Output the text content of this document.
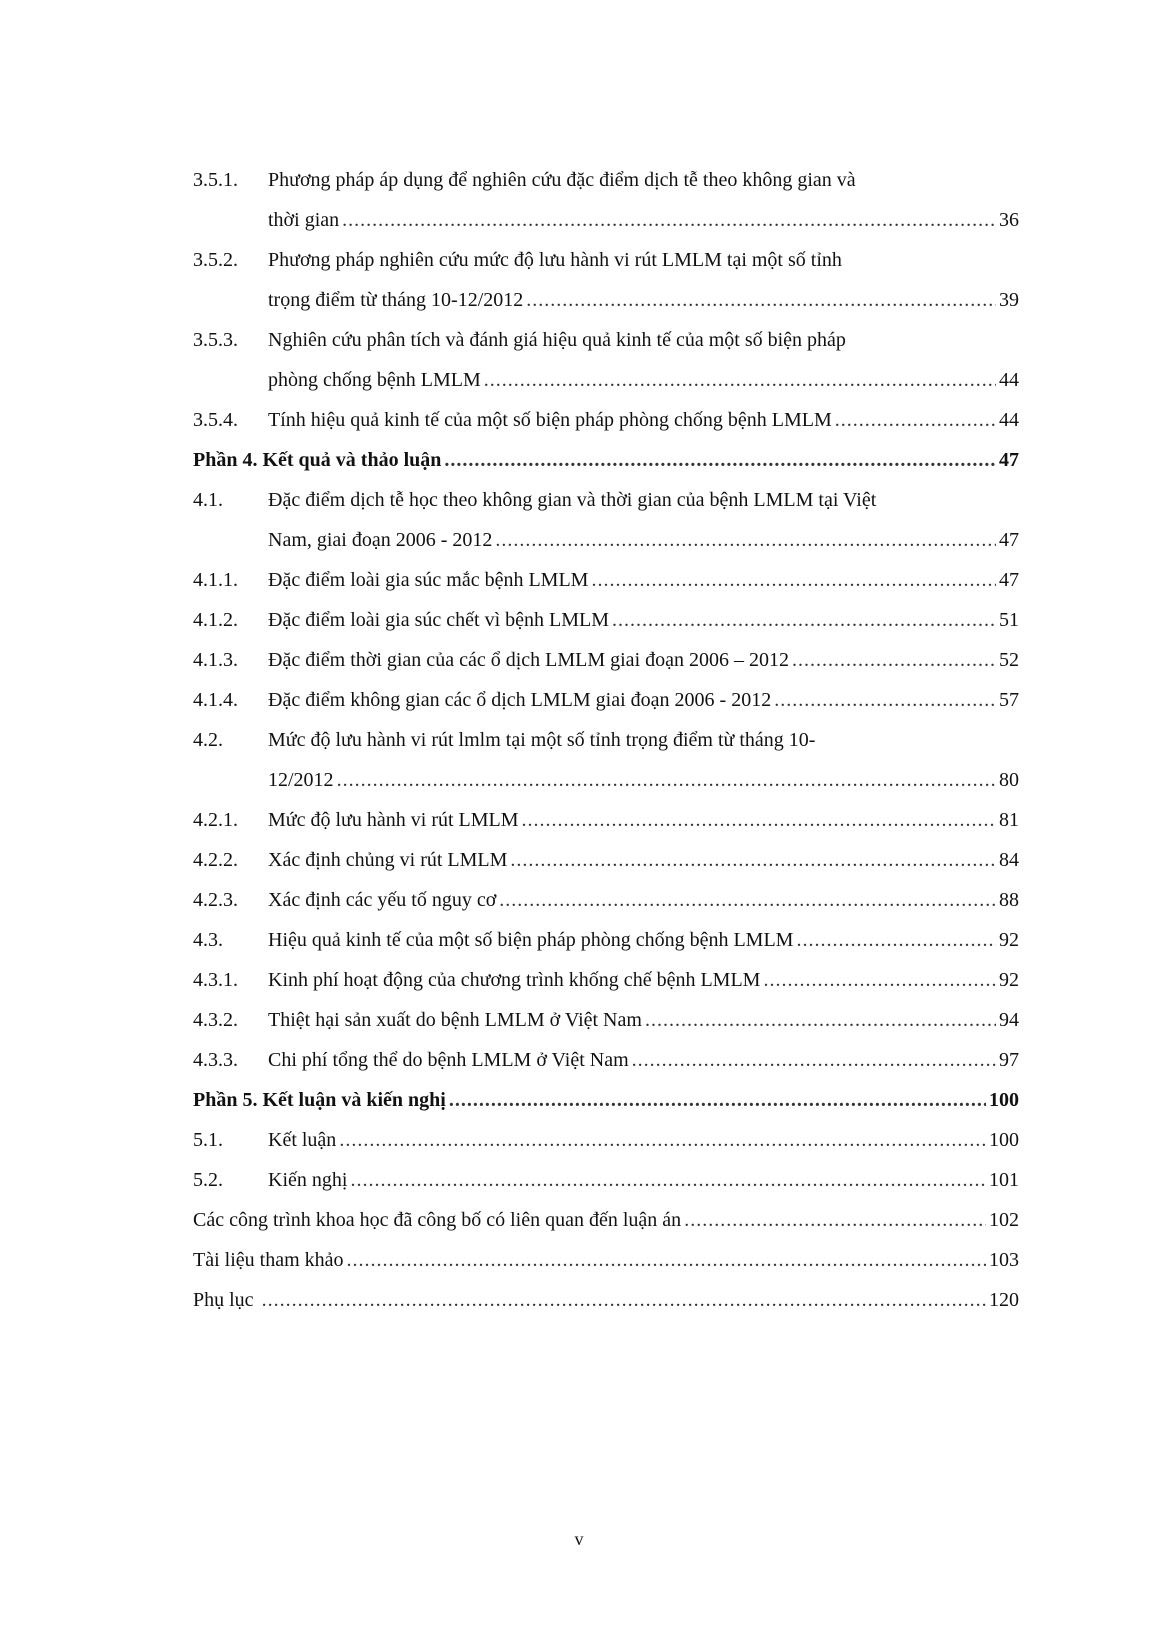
3.5.1.	Phương pháp áp dụng để nghiên cứu đặc điểm dịch tễ theo không gian và
thời gian .....	36
3.5.2.	Phương pháp nghiên cứu mức độ lưu hành vi rút LMLM tại một số tỉnh
trọng điểm từ tháng 10-12/2012 .....	39
3.5.3.	Nghiên cứu phân tích và đánh giá hiệu quả kinh tế của một số biện pháp
phòng chống bệnh LMLM .....	44
3.5.4.	Tính hiệu quả kinh tế của một số biện pháp phòng chống bệnh LMLM .....	44
Phần 4. Kết quả và thảo luận .....	47
4.1.	Đặc điểm dịch tễ học theo không gian và thời gian của bệnh LMLM tại Việt
Nam, giai đoạn 2006 - 2012 .....	47
4.1.1.	Đặc điểm loài gia súc mắc bệnh LMLM .....	47
4.1.2.	Đặc điểm loài gia súc chết vì bệnh LMLM .....	51
4.1.3.	Đặc điểm thời gian của các ổ dịch LMLM giai đoạn 2006 – 2012 .....	52
4.1.4.	Đặc điểm không gian các ổ dịch LMLM giai đoạn 2006 - 2012 .....	57
4.2.	Mức độ lưu hành vi rút lmlm tại một số tỉnh trọng điểm từ tháng 10-
12/2012 .....	80
4.2.1.	Mức độ lưu hành vi rút LMLM .....	81
4.2.2.	Xác định chủng vi rút LMLM .....	84
4.2.3.	Xác định các yếu tố nguy cơ .....	88
4.3.	Hiệu quả kinh tế của một số biện pháp phòng chống bệnh LMLM .....	92
4.3.1.	Kinh phí hoạt động của chương trình khống chế bệnh LMLM .....	92
4.3.2.	Thiệt hại sản xuất do bệnh LMLM ở Việt Nam .....	94
4.3.3.	Chi phí tổng thể do bệnh LMLM ở Việt Nam .....	97
Phần 5. Kết luận và kiến nghị .....	100
5.1.	Kết luận .....	100
5.2.	Kiến nghị .....	101
Các công trình khoa học đã công bố có liên quan đến luận án .....	102
Tài liệu tham khảo .....	103
Phụ lục .....	120
v
